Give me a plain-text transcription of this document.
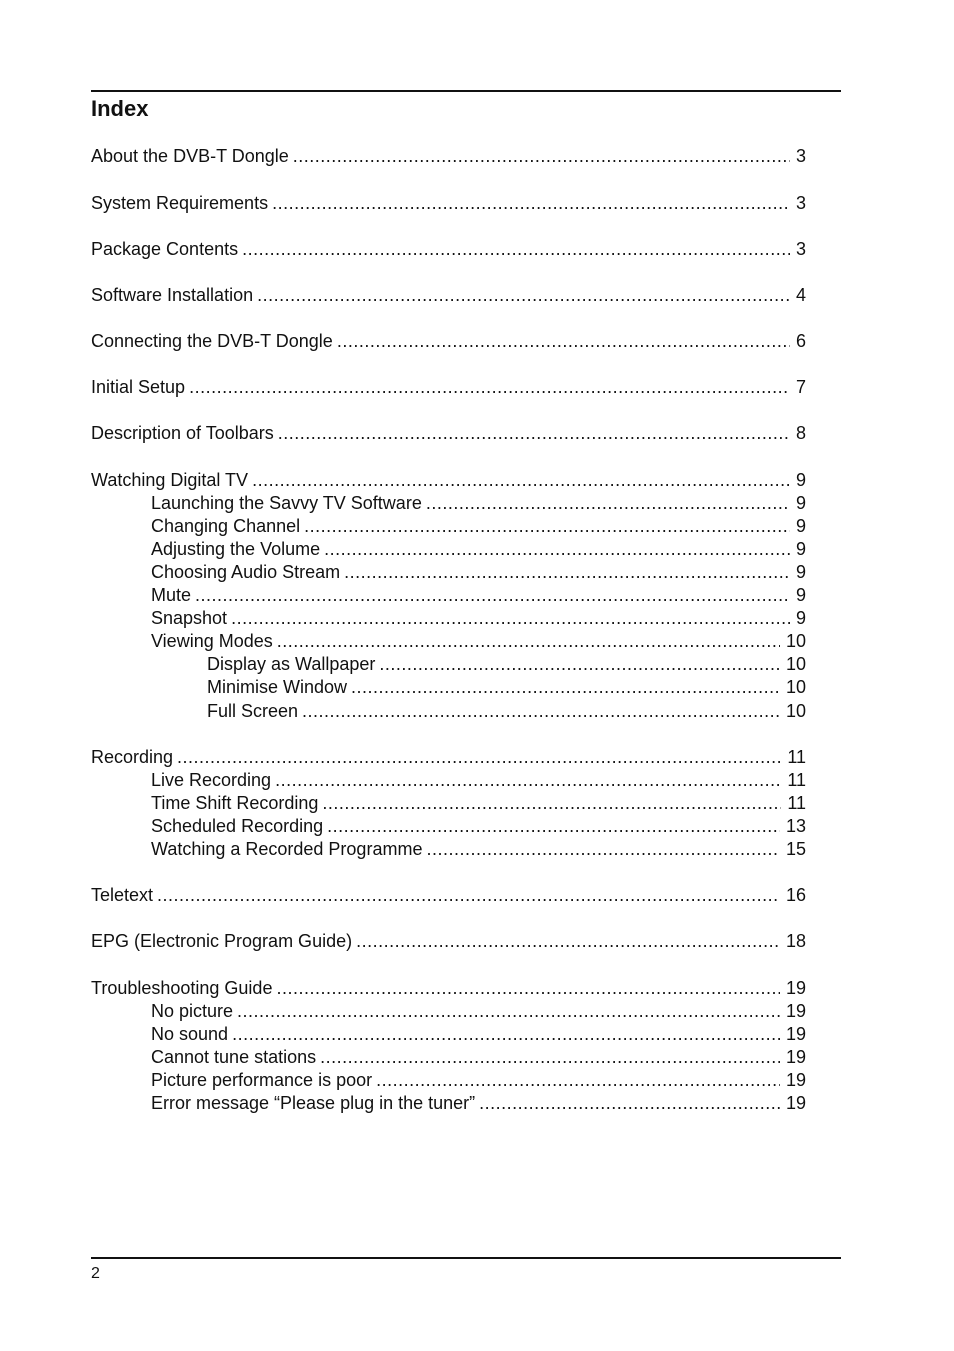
Index
About the DVB-T Dongle .....	3
System Requirements .....	3
Package Contents .....	3
Software Installation .....	4
Connecting the DVB-T Dongle .....	6
Initial Setup .....	7
Description of Toolbars .....	8
Watching Digital TV .....	9
Launching the Savvy TV Software .....	9
Changing Channel .....	9
Adjusting the Volume .....	9
Choosing Audio Stream .....	9
Mute .....	9
Snapshot .....	9
Viewing Modes .....	10
Display as Wallpaper .....	10
Minimise Window .....	10
Full Screen .....	10
Recording .....	11
Live Recording .....	11
Time Shift Recording .....	11
Scheduled Recording .....	13
Watching a Recorded Programme .....	15
Teletext .....	16
EPG (Electronic Program Guide) .....	18
Troubleshooting Guide .....	19
No picture .....	19
No sound .....	19
Cannot tune stations .....	19
Picture performance is poor .....	19
Error message “Please plug in the tuner” .....	19
2
